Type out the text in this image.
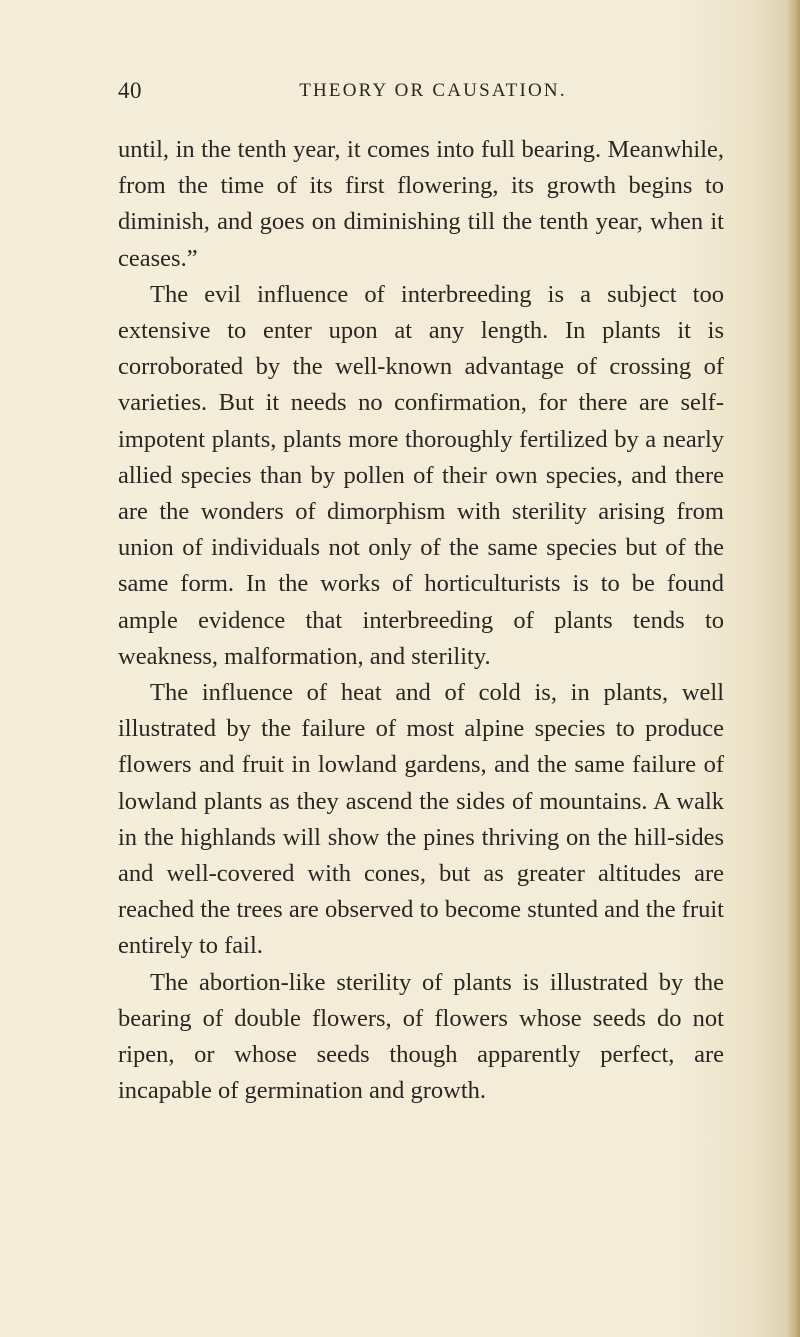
40	THEORY OR CAUSATION.

until, in the tenth year, it comes into full bearing. Meanwhile, from the time of its first flowering, its growth begins to diminish, and goes on diminishing till the tenth year, when it ceases.”

The evil influence of interbreeding is a subject too extensive to enter upon at any length. In plants it is corroborated by the well-known advantage of crossing of varieties. But it needs no confirmation, for there are self-impotent plants, plants more thoroughly fertilized by a nearly allied species than by pollen of their own species, and there are the wonders of dimorphism with sterility arising from union of individuals not only of the same species but of the same form. In the works of horticulturists is to be found ample evidence that interbreeding of plants tends to weakness, malformation, and sterility.

The influence of heat and of cold is, in plants, well illustrated by the failure of most alpine species to produce flowers and fruit in lowland gardens, and the same failure of lowland plants as they ascend the sides of mountains. A walk in the highlands will show the pines thriving on the hill-sides and well-covered with cones, but as greater altitudes are reached the trees are observed to become stunted and the fruit entirely to fail.

The abortion-like sterility of plants is illustrated by the bearing of double flowers, of flowers whose seeds do not ripen, or whose seeds though apparently perfect, are incapable of germination and growth.
